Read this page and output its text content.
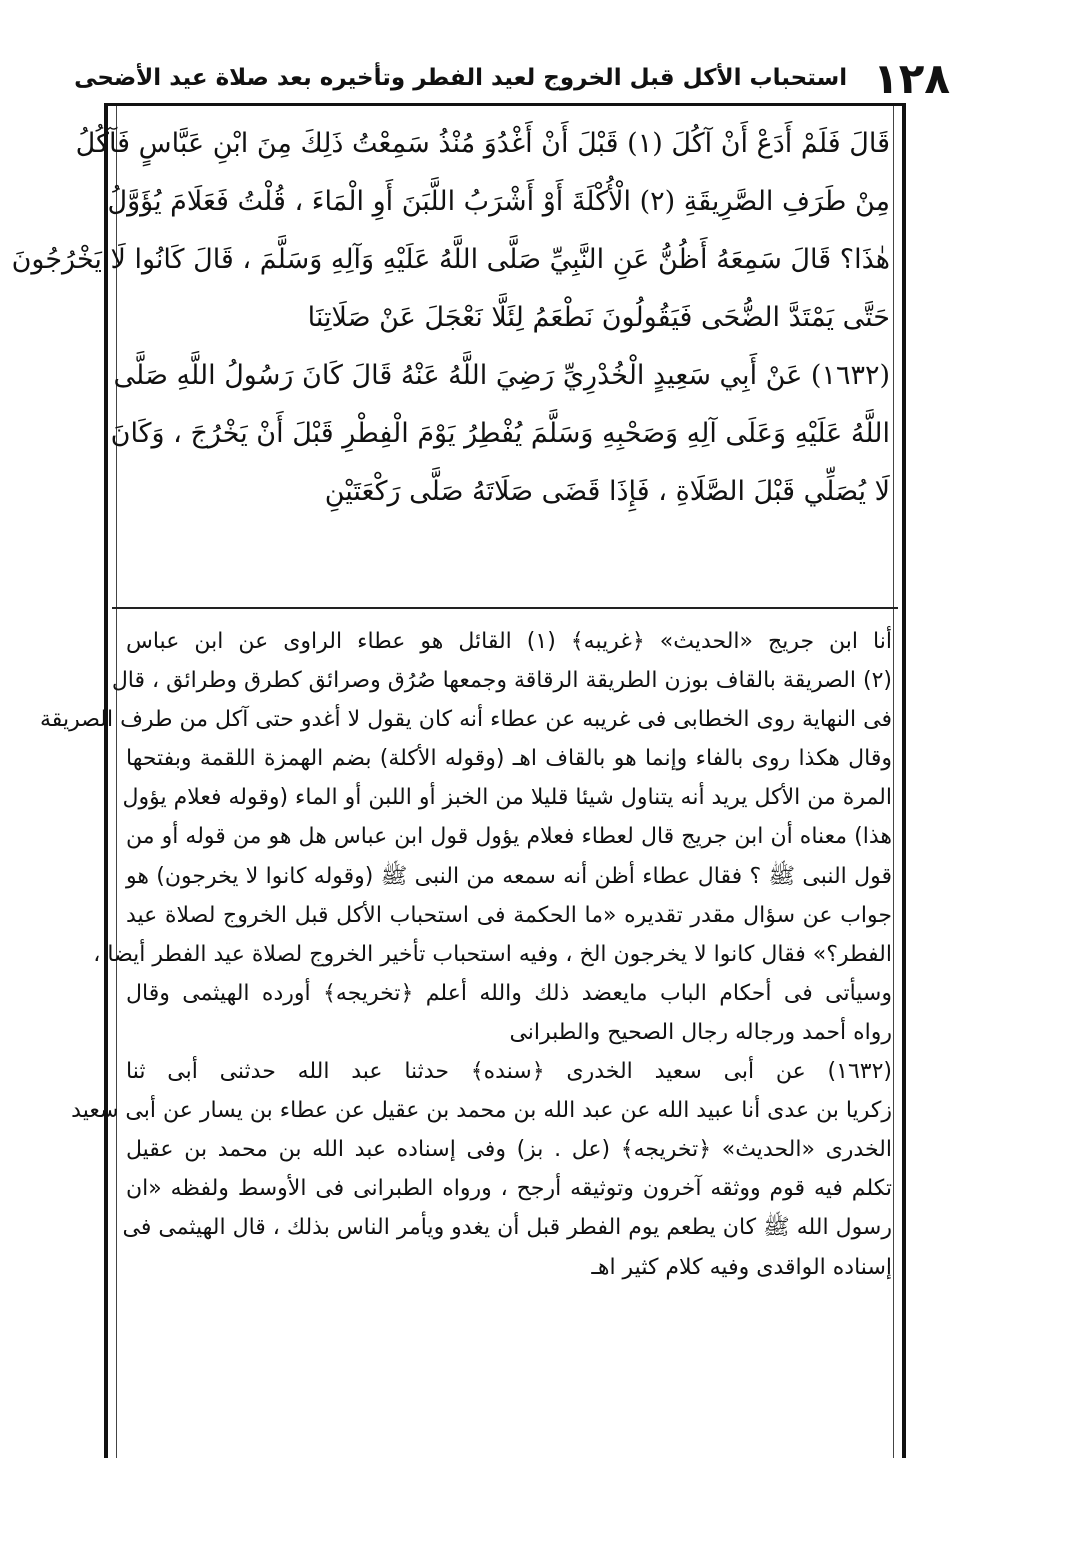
١٢٨
استحباب الأكل قبل الخروج لعيد الفطر وتأخيره بعد صلاة عيد الأضحى
قَالَ فَلَمْ أَدَعْ أَنْ آكُلَ (١) قَبْلَ أَنْ أَغْدُوَ مُنْذُ سَمِعْتُ ذَلِكَ مِنَ ابْنِ عَبَّاسٍ فَآكُلُ
مِنْ طَرَفِ الصَّرِيقَةِ (٢) الْأُكْلَةَ أَوْ أَشْرَبُ اللَّبَنَ أَوِ الْمَاءَ ، قُلْتُ فَعَلَامَ يُؤَوَّلُ
هٰذَا؟ قَالَ سَمِعَهُ أَظُنُّ عَنِ النَّبِيِّ صَلَّى اللَّهُ عَلَيْهِ وَآلِهِ وَسَلَّمَ ، قَالَ كَانُوا لَا يَخْرُجُونَ
حَتَّى يَمْتَدَّ الضُّحَى فَيَقُولُونَ نَطْعَمُ لِئَلَّا نَعْجَلَ عَنْ صَلَاتِنَا
(١٦٣٢) عَنْ أَبِي سَعِيدٍ الْخُدْرِيِّ رَضِيَ اللَّهُ عَنْهُ قَالَ كَانَ رَسُولُ اللَّهِ صَلَّى
اللَّهُ عَلَيْهِ وَعَلَى آلِهِ وَصَحْبِهِ وَسَلَّمَ يُفْطِرُ يَوْمَ الْفِطْرِ قَبْلَ أَنْ يَخْرُجَ ، وَكَانَ
لَا يُصَلِّي قَبْلَ الصَّلَاةِ ، فَإِذَا قَضَى صَلَاتَهُ صَلَّى رَكْعَتَيْنِ
أنا ابن جريج «الحديث» ﴿غريبه﴾ (١) القائل هو عطاء الراوى عن ابن عباس
(٢) الصريقة بالقاف بوزن الطريقة الرقاقة وجمعها صُرُق وصرائق كطرق وطرائق ، قال
فى النهاية روى الخطابى فى غريبه عن عطاء أنه كان يقول لا أغدو حتى آكل من طرف الصريقة
وقال هكذا روى بالفاء وإنما هو بالقاف اهـ (وقوله الأكلة) بضم الهمزة اللقمة وبفتحها
المرة من الأكل يريد أنه يتناول شيئا قليلا من الخبز أو اللبن أو الماء (وقوله فعلام يؤول
هذا) معناه أن ابن جريج قال لعطاء فعلام يؤول قول ابن عباس هل هو من قوله أو من
قول النبى ﷺ ؟ فقال عطاء أظن أنه سمعه من النبى ﷺ (وقوله كانوا لا يخرجون) هو
جواب عن سؤال مقدر تقديره «ما الحكمة فى استحباب الأكل قبل الخروج لصلاة عيد
الفطر؟» فقال كانوا لا يخرجون الخ ، وفيه استحباب تأخير الخروج لصلاة عيد الفطر أيضا ،
وسيأتى فى أحكام الباب مايعضد ذلك والله أعلم ﴿تخريجه﴾ أورده الهيثمى وقال
رواه أحمد ورجاله رجال الصحيح والطبرانى
(١٦٣٢) عن أبى سعيد الخدرى ﴿سنده﴾ حدثنا عبد الله حدثنى أبى ثنا
زكريا بن عدى أنا عبيد الله عن عبد الله بن محمد بن عقيل عن عطاء بن يسار عن أبى سعيد
الخدرى «الحديث» ﴿تخريجه﴾ (عل . بز) وفى إسناده عبد الله بن محمد بن عقيل
تكلم فيه قوم ووثقه آخرون وتوثيقه أرجح ، ورواه الطبرانى فى الأوسط ولفظه «ان
رسول الله ﷺ كان يطعم يوم الفطر قبل أن يغدو ويأمر الناس بذلك ، قال الهيثمى فى
إسناده الواقدى وفيه كلام كثير اهـ
